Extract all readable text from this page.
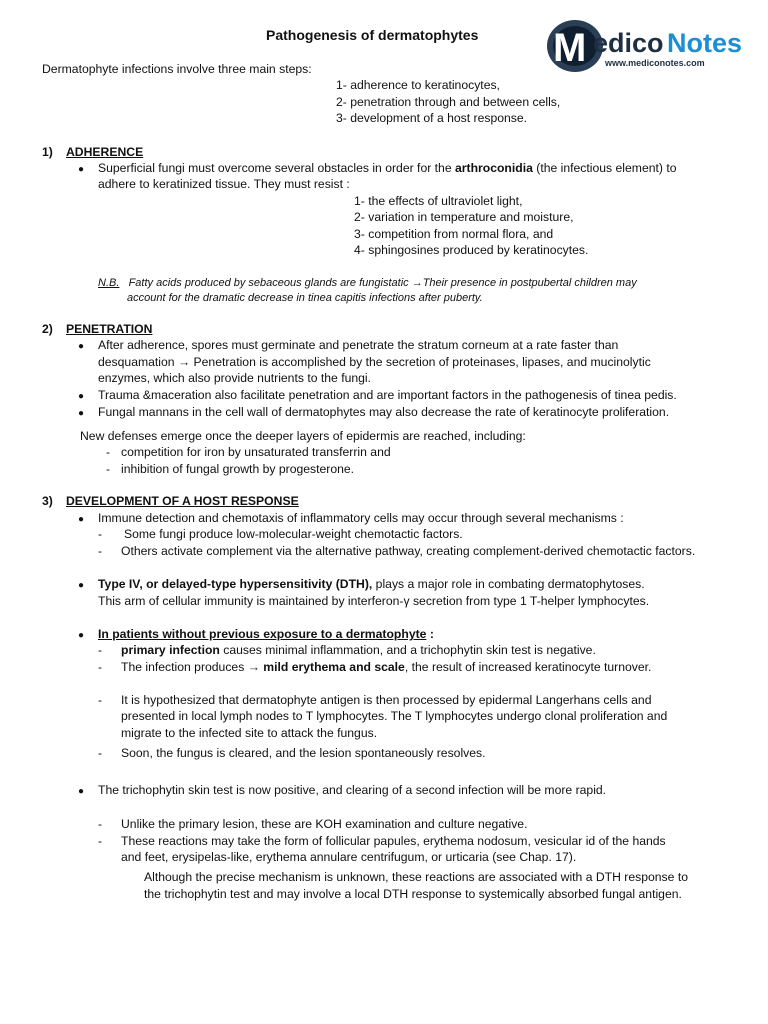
Pathogenesis of dermatophytes M edico Notes
www.mediconotes.com
Dermatophyte infections involve three main steps:
1- adherence to keratinocytes,
2- penetration through and between cells,
3- development of a host response.
1) ADHERENCE
● Superficial fungi must overcome several obstacles in order for the arthroconidia (the infectious element) to
adhere to keratinized tissue. They must resist :
1- the effects of ultraviolet light,
2- variation in temperature and moisture,
3- competition from normal flora, and
4- sphingosines produced by keratinocytes.
N.B. Fatty acids produced by sebaceous glands are fungistatic →Their presence in postpubertal children may
account for the dramatic decrease in tinea capitis infections after puberty.
2) PENETRATION
● After adherence, spores must germinate and penetrate the stratum corneum at a rate faster than
desquamation → Penetration is accomplished by the secretion of proteinases, lipases, and mucinolytic
enzymes, which also provide nutrients to the fungi.
● Trauma &maceration also facilitate penetration and are important factors in the pathogenesis of tinea pedis.
● Fungal mannans in the cell wall of dermatophytes may also decrease the rate of keratinocyte proliferation.
New defenses emerge once the deeper layers of epidermis are reached, including:
- competition for iron by unsaturated transferrin and
- inhibition of fungal growth by progesterone.
3) DEVELOPMENT OF A HOST RESPONSE
● Immune detection and chemotaxis of inflammatory cells may occur through several mechanisms :
- Some fungi produce low-molecular-weight chemotactic factors.
- Others activate complement via the alternative pathway, creating complement-derived chemotactic factors.
● Type IV, or delayed-type hypersensitivity (DTH), plays a major role in combating dermatophytoses.
This arm of cellular immunity is maintained by interferon-γ secretion from type 1 T-helper lymphocytes.
● In patients without previous exposure to a dermatophyte :
- primary infection causes minimal inflammation, and a trichophytin skin test is negative.
- The infection produces → mild erythema and scale, the result of increased keratinocyte turnover.
- It is hypothesized that dermatophyte antigen is then processed by epidermal Langerhans cells and
presented in local lymph nodes to T lymphocytes. The T lymphocytes undergo clonal proliferation and
migrate to the infected site to attack the fungus.
- Soon, the fungus is cleared, and the lesion spontaneously resolves.
● The trichophytin skin test is now positive, and clearing of a second infection will be more rapid.
- Unlike the primary lesion, these are KOH examination and culture negative.
- These reactions may take the form of follicular papules, erythema nodosum, vesicular id of the hands
and feet, erysipelas-like, erythema annulare centrifugum, or urticaria (see Chap. 17).
Although the precise mechanism is unknown, these reactions are associated with a DTH response to
the trichophytin test and may involve a local DTH response to systemically absorbed fungal antigen.
